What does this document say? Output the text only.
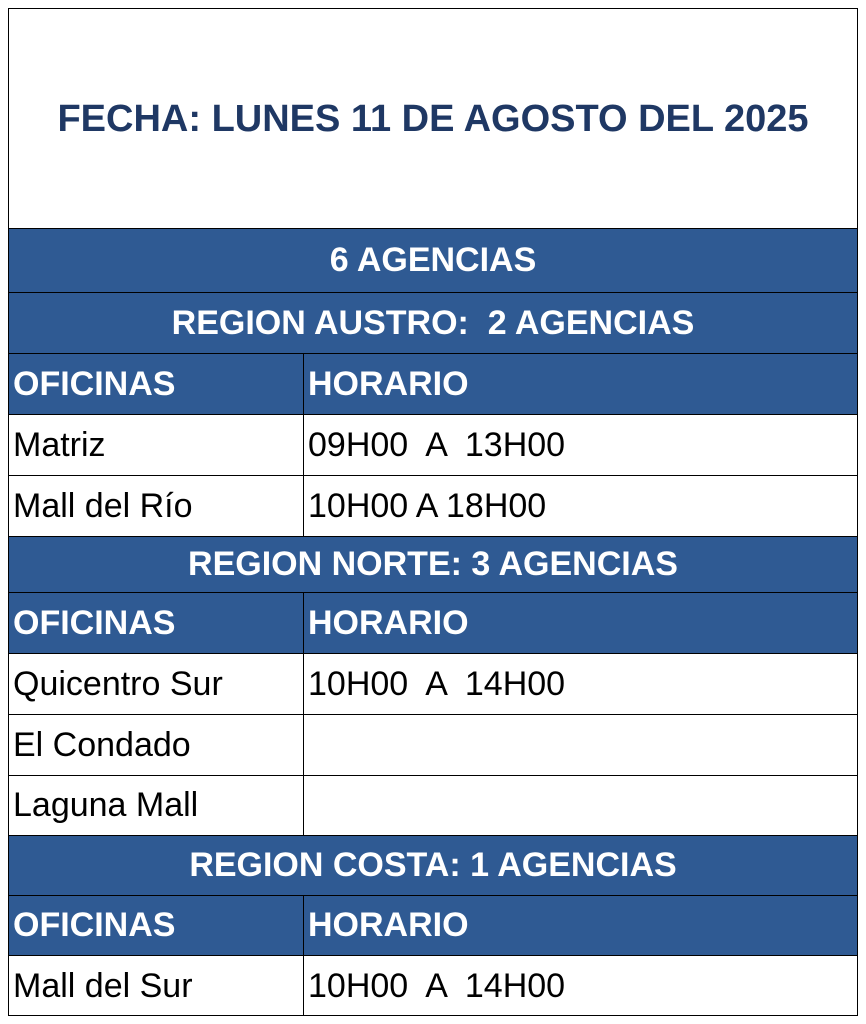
FECHA: LUNES 11 DE AGOSTO DEL 2025
6 AGENCIAS
REGION AUSTRO:  2 AGENCIAS
OFICINAS	HORARIO
Matriz	09H00  A  13H00
Mall del Río	10H00 A 18H00
REGION NORTE: 3 AGENCIAS
OFICINAS	HORARIO
Quicentro Sur	10H00  A  14H00
El Condado
Laguna Mall
REGION COSTA: 1 AGENCIAS
OFICINAS	HORARIO
Mall del Sur	10H00  A  14H00
